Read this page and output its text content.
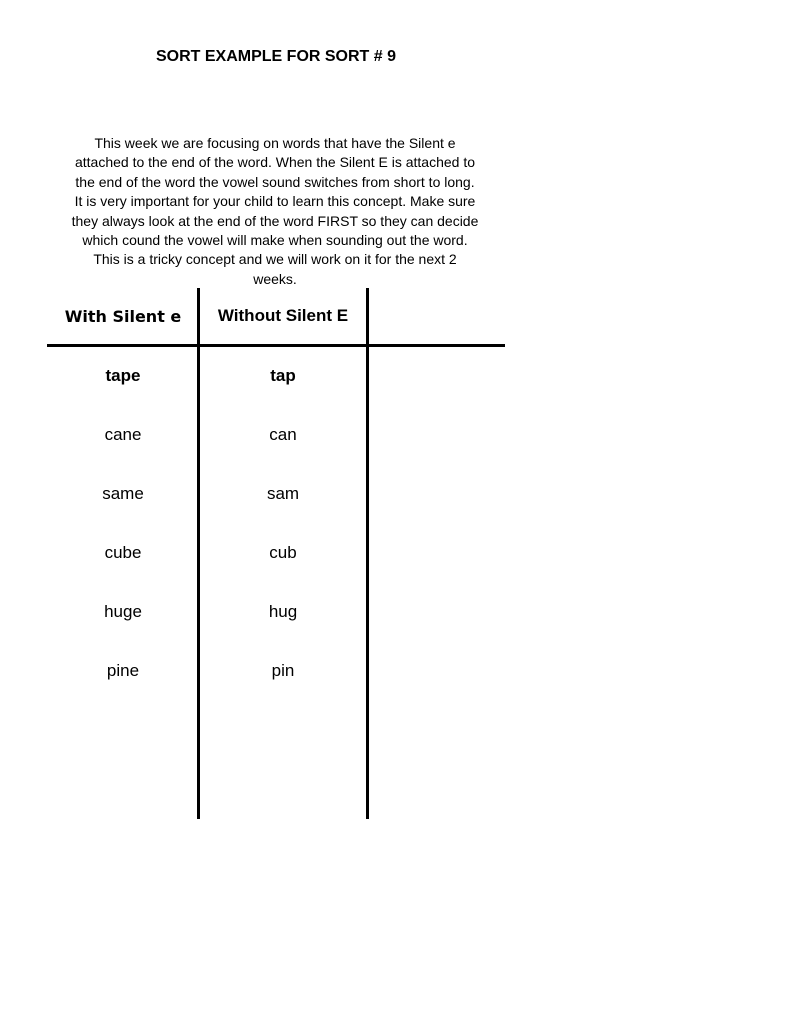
SORT EXAMPLE FOR SORT # 9
This week we are focusing on words that have the Silent e
attached to the end of the word. When the Silent E is attached to
the end of the word the vowel sound switches from short to long.
It is very important for your child to learn this concept. Make sure
they always look at the end of the word FIRST so they can decide
which cound the vowel will make when sounding out the word.
This is a tricky concept and we will work on it for the next 2
weeks.
With Silent e	Without Silent E
tape	tap
cane	can
same	sam
cube	cub
huge	hug
pine	pin
